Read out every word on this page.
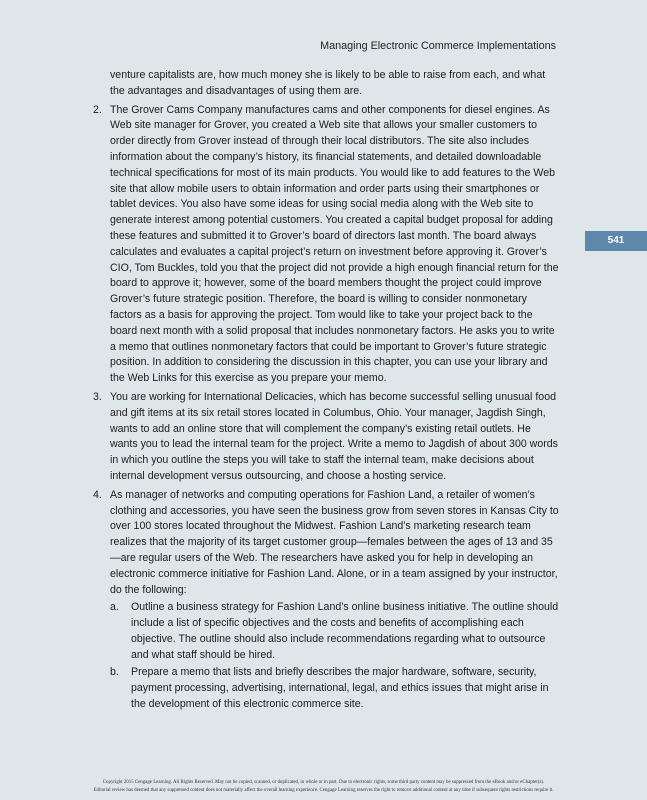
Managing Electronic Commerce Implementations
541

venture capitalists are, how much money she is likely to be able to raise from each, and what the advantages and disadvantages of using them are.

2. The Grover Cams Company manufactures cams and other components for diesel engines. As Web site manager for Grover, you created a Web site that allows your smaller customers to order directly from Grover instead of through their local distributors. The site also includes information about the company’s history, its financial statements, and detailed downloadable technical specifications for most of its main products. You would like to add features to the Web site that allow mobile users to obtain information and order parts using their smartphones or tablet devices. You also have some ideas for using social media along with the Web site to generate interest among potential customers. You created a capital budget proposal for adding these features and submitted it to Grover’s board of directors last month. The board always calculates and evaluates a capital project’s return on investment before approving it. Grover’s CIO, Tom Buckles, told you that the project did not provide a high enough financial return for the board to approve it; however, some of the board members thought the project could improve Grover’s future strategic position. Therefore, the board is willing to consider nonmonetary factors as a basis for approving the project. Tom would like to take your project back to the board next month with a solid proposal that includes nonmonetary factors. He asks you to write a memo that outlines nonmonetary factors that could be important to Grover’s future strategic position. In addition to considering the discussion in this chapter, you can use your library and the Web Links for this exercise as you prepare your memo.
3. You are working for International Delicacies, which has become successful selling unusual food and gift items at its six retail stores located in Columbus, Ohio. Your manager, Jagdish Singh, wants to add an online store that will complement the company’s existing retail outlets. He wants you to lead the internal team for the project. Write a memo to Jagdish of about 300 words in which you outline the steps you will take to staff the internal team, make decisions about internal development versus outsourcing, and choose a hosting service.
4. As manager of networks and computing operations for Fashion Land, a retailer of women’s clothing and accessories, you have seen the business grow from seven stores in Kansas City to over 100 stores located throughout the Midwest. Fashion Land’s marketing research team realizes that the majority of its target customer group—females between the ages of 13 and 35—are regular users of the Web. The researchers have asked you for help in developing an electronic commerce initiative for Fashion Land. Alone, or in a team assigned by your instructor, do the following:
a. Outline a business strategy for Fashion Land’s online business initiative. The outline should include a list of specific objectives and the costs and benefits of accomplishing each objective. The outline should also include recommendations regarding what to outsource and what staff should be hired.
b. Prepare a memo that lists and briefly describes the major hardware, software, security, payment processing, advertising, international, legal, and ethics issues that might arise in the development of this electronic commerce site.
Copyright 2015 Cengage Learning. All Rights Reserved. May not be copied, scanned, or duplicated, in whole or in part. Due to electronic rights, some third party content may be suppressed from the eBook and/or eChapter(s).
Editorial review has deemed that any suppressed content does not materially affect the overall learning experience. Cengage Learning reserves the right to remove additional content at any time if subsequent rights restrictions require it.
